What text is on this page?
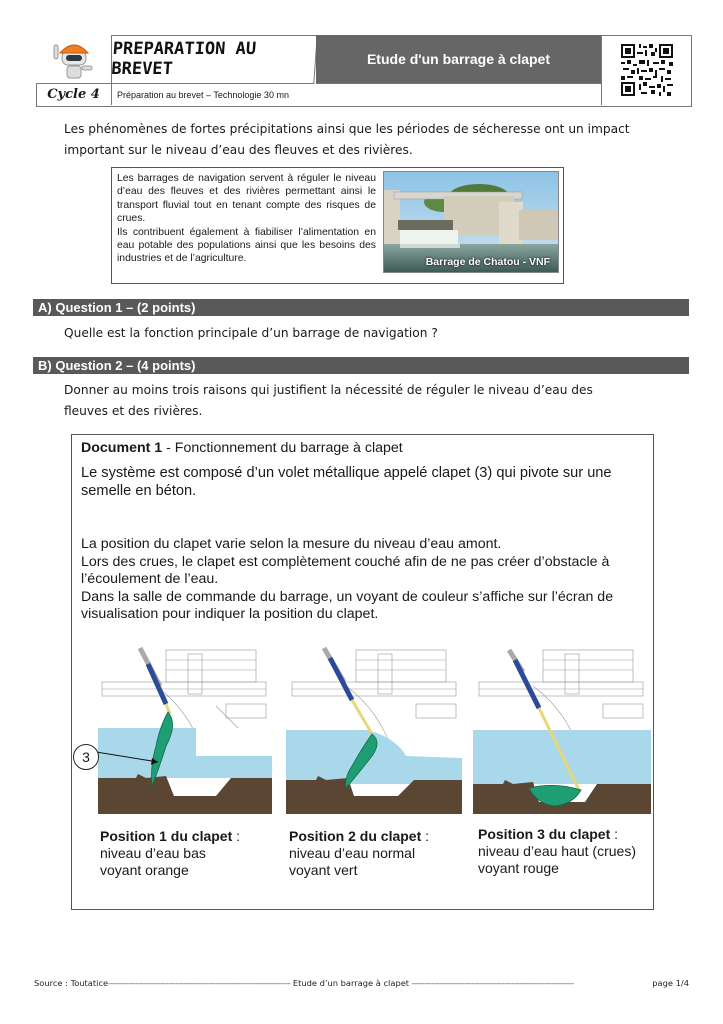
PREPARATION AU BREVET	Etude d'un barrage à clapet
Cycle 4	Préparation au brevet – Technologie 30 mn
Les phénomènes de fortes précipitations ainsi que les périodes de sécheresse ont un impact
important sur le niveau d’eau des fleuves et des rivières.
Les barrages de navigation servent à réguler le niveau d’eau des fleuves et des rivières permettant ainsi le transport fluvial tout en tenant compte des risques de crues.
Ils contribuent également à fiabiliser l’alimentation en eau potable des populations ainsi que les besoins des industries et de l’agriculture.	Barrage de Chatou - VNF
A) Question 1 – (2 points)
Quelle est la fonction principale d’un barrage de navigation ?
B) Question 2 – (4 points)
Donner au moins trois raisons qui justifient la nécessité de réguler le niveau d’eau des
fleuves et des rivières.
Document 1 - Fonctionnement du barrage à clapet
Le système est composé d’un volet métallique appelé clapet (3) qui pivote sur une
semelle en béton.
La position du clapet varie selon la mesure du niveau d’eau amont.
Lors des crues, le clapet est complètement couché afin de ne pas créer d’obstacle à
l’écoulement de l’eau.
Dans la salle de commande du barrage, un voyant de couleur s’affiche sur l’écran de
visualisation pour indiquer la position du clapet.
3
Position 1 du clapet :
niveau d’eau bas
voyant orange
Position 2 du clapet :
niveau d’eau normal
voyant vert
Position 3 du clapet :
niveau d’eau haut (crues)
voyant rouge
Source : Toutatice------------------------------------------------------------------------- Etude d’un barrage à clapet -----------------------------------------------------------------	page 1/4
